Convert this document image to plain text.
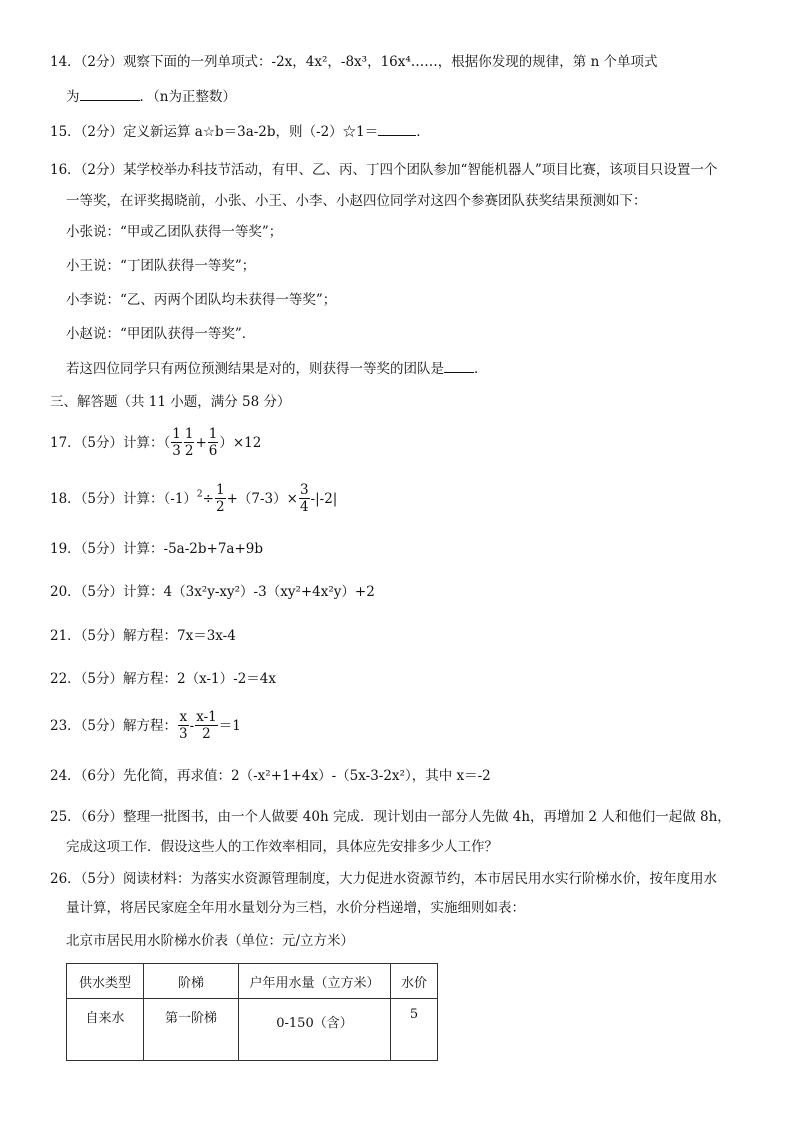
14．（2分）观察下面的一列单项式：-2x，4x²，-8x³，16x⁴……，根据你发现的规律，第 n 个单项式
为	．（n为正整数）
15．（2分）定义新运算 a☆b＝3a-2b，则（-2）☆1＝	．
16．（2分）某学校举办科技节活动，有甲、乙、丙、丁四个团队参加“智能机器人”项目比赛，该项目只设置一个
一等奖，在评奖揭晓前，小张、小王、小李、小赵四位同学对这四个参赛团队获奖结果预测如下：
小张说：“甲或乙团队获得一等奖”；
小王说：“丁团队获得一等奖”；
小李说：“乙、丙两个团队均未获得一等奖”；
小赵说：“甲团队获得一等奖”．
若这四位同学只有两位预测结果是对的，则获得一等奖的团队是 ．
三、解答题（共 11 小题，满分 58 分）
17．（5分）计算：（ $\frac{1}{3} \frac{1}{2} + \frac{1}{6} )\times 12$
18．（5分）计算：$(-1)^2\div \frac{1}{2} +(7-3)\times \frac{3}{4} -|-2|$
19．（5分）计算：-5a-2b+7a+9b
20．（5分）计算：4（3x²y-xy²）-3（xy²+4x²y）+2
21．（5分）解方程：7x＝3x-4
22．（5分）解方程：2（x-1）-2＝4x
23．（5分）解方程： $\frac{x}{3} - \frac{x-1}{2} =1$
24．（6分）先化简，再求值：2（-x²+1+4x）-（5x-3-2x²），其中 x＝-2
25．（6分）整理一批图书，由一个人做要 40h 完成．现计划由一部分人先做 4h，再增加 2 人和他们一起做 8h，
完成这项工作．假设这些人的工作效率相同，具体应先安排多少人工作？
26．（5分）阅读材料：为落实水资源管理制度，大力促进水资源节约，本市居民用水实行阶梯水价，按年度用水
量计算，将居民家庭全年用水量划分为三档，水价分档递增，实施细则如表：
北京市居民用水阶梯水价表（单位：元/立方米）
供水类型	阶梯	户年用水量（立方米）	水价
自来水	第一阶梯	0-150（含）	5
